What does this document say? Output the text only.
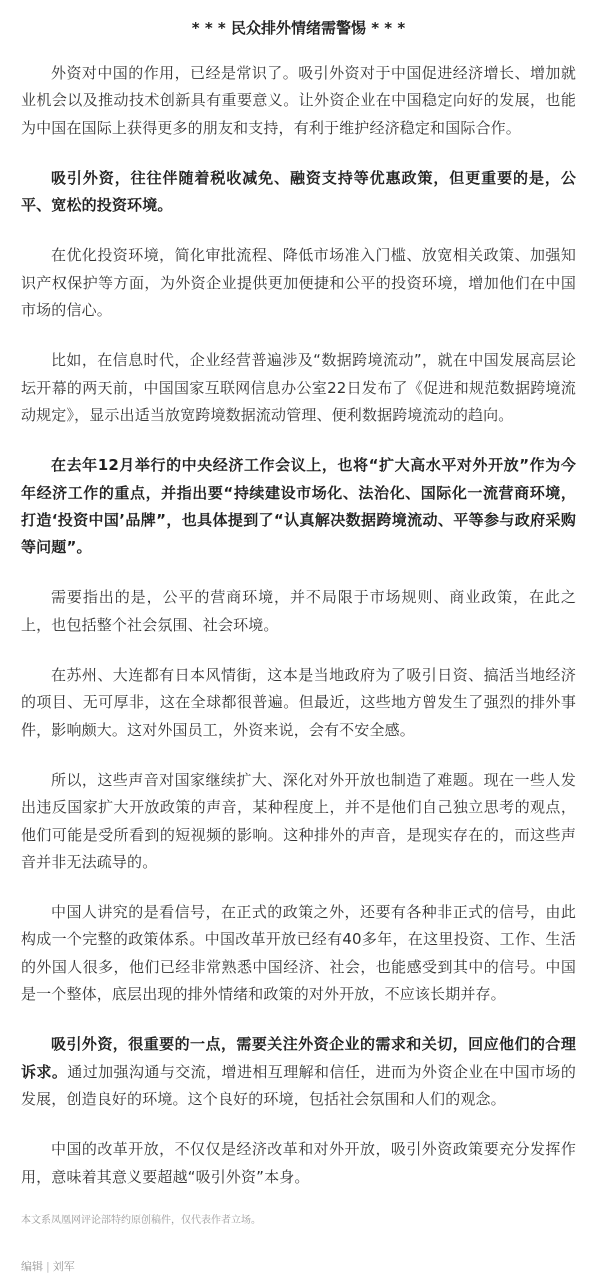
* * * 民众排外情绪需警惕 * * *

外资对中国的作用，已经是常识了。吸引外资对于中国促进经济增长、增加就业机会以及推动技术创新具有重要意义。让外资企业在中国稳定向好的发展，也能为中国在国际上获得更多的朋友和支持，有利于维护经济稳定和国际合作。

吸引外资，往往伴随着税收减免、融资支持等优惠政策，但更重要的是，公平、宽松的投资环境。

在优化投资环境，简化审批流程、降低市场准入门槛、放宽相关政策、加强知识产权保护等方面，为外资企业提供更加便捷和公平的投资环境，增加他们在中国市场的信心。

比如，在信息时代，企业经营普遍涉及“数据跨境流动”，就在中国发展高层论坛开幕的两天前，中国国家互联网信息办公室22日发布了《促进和规范数据跨境流动规定》，显示出适当放宽跨境数据流动管理、便利数据跨境流动的趋向。

在去年12月举行的中央经济工作会议上，也将“扩大高水平对外开放”作为今年经济工作的重点，并指出要“持续建设市场化、法治化、国际化一流营商环境，打造‘投资中国’品牌”，也具体提到了“认真解决数据跨境流动、平等参与政府采购等问题”。

需要指出的是，公平的营商环境，并不局限于市场规则、商业政策，在此之上，也包括整个社会氛围、社会环境。

在苏州、大连都有日本风情街，这本是当地政府为了吸引日资、搞活当地经济的项目、无可厚非，这在全球都很普遍。但最近，这些地方曾发生了强烈的排外事件，影响颇大。这对外国员工，外资来说，会有不安全感。

所以，这些声音对国家继续扩大、深化对外开放也制造了难题。现在一些人发出违反国家扩大开放政策的声音，某种程度上，并不是他们自己独立思考的观点，他们可能是受所看到的短视频的影响。这种排外的声音，是现实存在的，而这些声音并非无法疏导的。

中国人讲究的是看信号，在正式的政策之外，还要有各种非正式的信号，由此构成一个完整的政策体系。中国改革开放已经有40多年，在这里投资、工作、生活的外国人很多，他们已经非常熟悉中国经济、社会，也能感受到其中的信号。中国是一个整体，底层出现的排外情绪和政策的对外开放，不应该长期并存。

吸引外资，很重要的一点，需要关注外资企业的需求和关切，回应他们的合理诉求。通过加强沟通与交流，增进相互理解和信任，进而为外资企业在中国市场的发展，创造良好的环境。这个良好的环境，包括社会氛围和人们的观念。

中国的改革开放，不仅仅是经济改革和对外开放，吸引外资政策要充分发挥作用，意味着其意义要超越“吸引外资”本身。

本文系凤凰网评论部特约原创稿件，仅代表作者立场。

编辑 | 刘军
